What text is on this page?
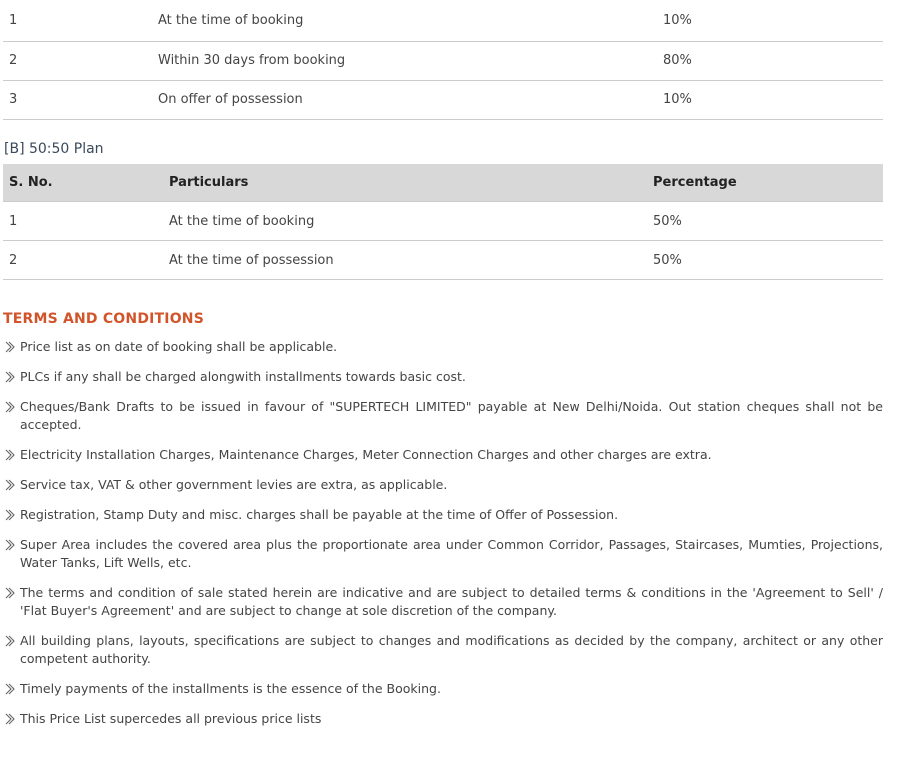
1	At the time of booking	10%
2	Within 30 days from booking	80%
3	On offer of possession	10%
[B] 50:50 Plan
S. No.	Particulars	Percentage
1	At the time of booking	50%
2	At the time of possession	50%
TERMS AND CONDITIONS
Price list as on date of booking shall be applicable.
PLCs if any shall be charged alongwith installments towards basic cost.
Cheques/Bank Drafts to be issued in favour of "SUPERTECH LIMITED" payable at New Delhi/Noida. Out station cheques shall not be accepted.
Electricity Installation Charges, Maintenance Charges, Meter Connection Charges and other charges are extra.
Service tax, VAT & other government levies are extra, as applicable.
Registration, Stamp Duty and misc. charges shall be payable at the time of Offer of Possession.
Super Area includes the covered area plus the proportionate area under Common Corridor, Passages, Staircases, Mumties, Projections, Water Tanks, Lift Wells, etc.
The terms and condition of sale stated herein are indicative and are subject to detailed terms & conditions in the 'Agreement to Sell' / 'Flat Buyer's Agreement' and are subject to change at sole discretion of the company.
All building plans, layouts, specifications are subject to changes and modifications as decided by the company, architect or any other competent authority.
Timely payments of the installments is the essence of the Booking.
This Price List supercedes all previous price lists
